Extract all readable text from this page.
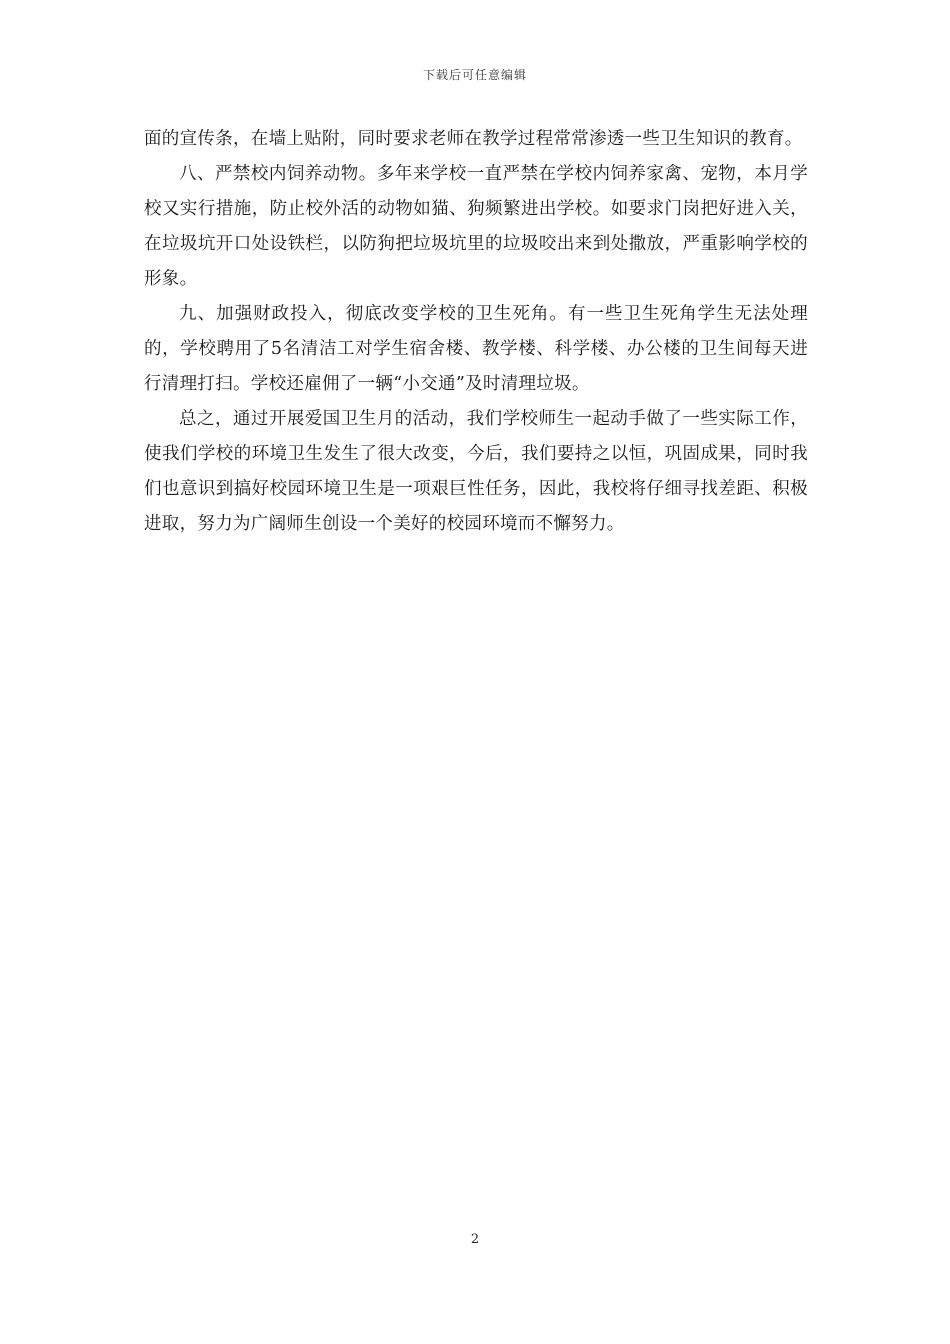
下载后可任意编辑

面的宣传条，在墙上贴附，同时要求老师在教学过程常常渗透一些卫生知识的教育。

八、严禁校内饲养动物。多年来学校一直严禁在学校内饲养家禽、宠物，本月学校又实行措施，防止校外活的动物如猫、狗频繁进出学校。如要求门岗把好进入关，在垃圾坑开口处设铁栏，以防狗把垃圾坑里的垃圾咬出来到处撒放，严重影响学校的形象。

九、加强财政投入，彻底改变学校的卫生死角。有一些卫生死角学生无法处理的，学校聘用了5名清洁工对学生宿舍楼、教学楼、科学楼、办公楼的卫生间每天进行清理打扫。学校还雇佣了一辆“小交通”及时清理垃圾。

总之，通过开展爱国卫生月的活动，我们学校师生一起动手做了一些实际工作，使我们学校的环境卫生发生了很大改变，今后，我们要持之以恒，巩固成果，同时我们也意识到搞好校园环境卫生是一项艰巨性任务，因此，我校将仔细寻找差距、积极进取，努力为广阔师生创设一个美好的校园环境而不懈努力。

2
